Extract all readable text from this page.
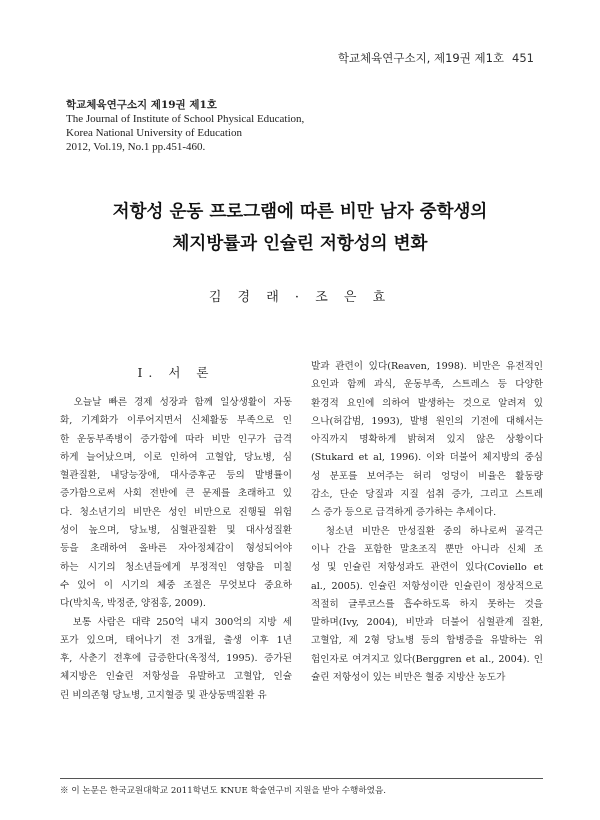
학교체육연구소지, 제19권 제1호 451
학교체육연구소지 제19권 제1호
The Journal of Institute of School Physical Education,
Korea National University of Education
2012, Vol.19, No.1 pp.451-460.
저항성 운동 프로그램에 따른 비만 남자 중학생의
체지방률과 인슐린 저항성의 변화
김 경 래 · 조 은 효
Ⅰ. 서 론
　오늘날 빠른 경제 성장과 함께 일상생활이 자동
화, 기계화가 이루어지면서 신체활동 부족으로 인
한 운동부족병이 증가함에 따라 비만 인구가 급격
하게 늘어났으며, 이로 인하여 고혈압, 당뇨병, 심
혈관질환, 내당능장애, 대사증후군 등의 발병률이
증가함으로써 사회 전반에 큰 문제를 초래하고 있
다. 청소년기의 비만은 성인 비만으로 진행될 위험
성이 높으며, 당뇨병, 심혈관질환 및 대사성질환
등을 초래하여 올바른 자아정체감이 형성되어야
하는 시기의 청소년들에게 부정적인 영향을 미칠
수 있어 이 시기의 체중 조절은 무엇보다 중요하
다(박치욱, 박정준, 양점홍, 2009).
　보통 사람은 대략 250억 내지 300억의 지방 세
포가 있으며, 태어나기 전 3개월, 출생 이후 1년
후, 사춘기 전후에 급증한다(옥정석, 1995). 증가된
체지방은 인슐린 저항성을 유발하고 고혈압, 인슐
린 비의존형 당뇨병, 고지혈증 및 관상동맥질환 유
발과 관련이 있다(Reaven, 1998). 비만은 유전적인
요인과 함께 과식, 운동부족, 스트레스 등 다양한
환경적 요인에 의하여 발생하는 것으로 알려져 있
으나(허갑범, 1993), 발병 원인의 기전에 대해서는
아직까지 명확하게 밝혀져 있지 않은 상황이다
(Stukard et al, 1996). 이와 더불어 체지방의 중심
성 분포를 보여주는 허리 엉덩이 비율은 활동량
감소, 단순 당질과 지질 섭취 증가, 그리고 스트레
스 증가 등으로 급격하게 증가하는 추세이다.
　청소년 비만은 만성질환 중의 하나로써 골격근
이나 간을 포함한 말초조직 뿐만 아니라 신체 조
성 및 인슐린 저항성과도 관련이 있다(Coviello et
al., 2005). 인슐린 저항성이란 인슐린이 정상적으로
적절히 글루코스를 흡수하도록 하지 못하는 것을
말하며(Ivy, 2004), 비만과 더불어 심혈관계 질환,
고혈압, 제 2형 당뇨병 등의 합병증을 유발하는 위
험인자로 여겨지고 있다(Berggren et al., 2004). 인
슐린 저항성이 있는 비만은 혈중 지방산 농도가
※ 이 논문은 한국교원대학교 2011학년도 KNUE 학술연구비 지원을 받아 수행하였음.
